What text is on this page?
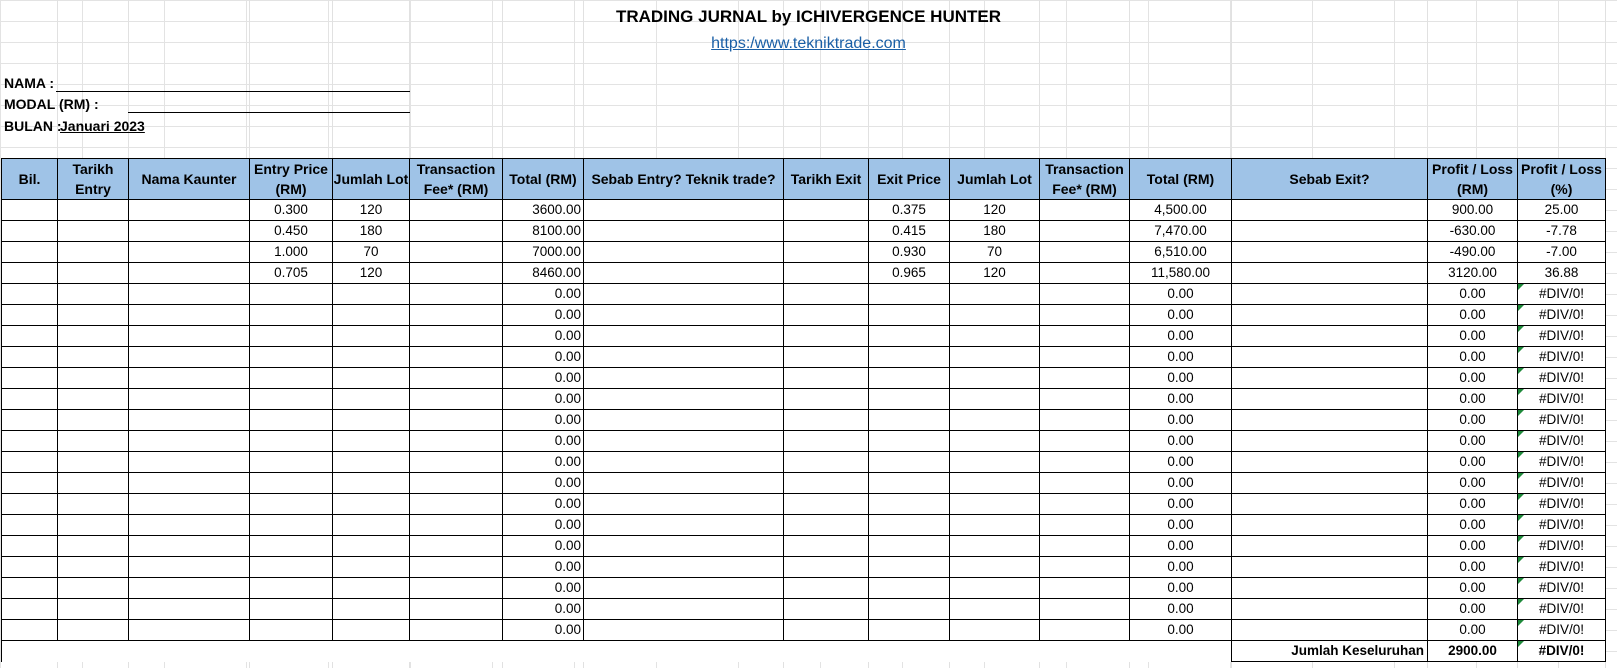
TRADING JURNAL by ICHIVERGENCE HUNTER
https:/www.tekniktrade.com
NAMA :
MODAL (RM) :
BULAN :
Januari 2023
Bil.	Tarikh Entry	Nama Kaunter	Entry Price (RM)	Jumlah Lot	Transaction Fee* (RM)	Total (RM)	Sebab Entry? Teknik trade?	Tarikh Exit	Exit Price	Jumlah Lot	Transaction Fee* (RM)	Total (RM)	Sebab Exit?	Profit / Loss (RM)	Profit / Loss (%)
			0.300	120		3600.00			0.375	120		4,500.00		900.00	25.00
			0.450	180		8100.00			0.415	180		7,470.00		-630.00	-7.78
			1.000	70		7000.00			0.930	70		6,510.00		-490.00	-7.00
			0.705	120		8460.00			0.965	120		11,580.00		3120.00	36.88
						0.00						0.00		0.00	#DIV/0!
						0.00						0.00		0.00	#DIV/0!
						0.00						0.00		0.00	#DIV/0!
						0.00						0.00		0.00	#DIV/0!
						0.00						0.00		0.00	#DIV/0!
						0.00						0.00		0.00	#DIV/0!
						0.00						0.00		0.00	#DIV/0!
						0.00						0.00		0.00	#DIV/0!
						0.00						0.00		0.00	#DIV/0!
						0.00						0.00		0.00	#DIV/0!
						0.00						0.00		0.00	#DIV/0!
						0.00						0.00		0.00	#DIV/0!
						0.00						0.00		0.00	#DIV/0!
						0.00						0.00		0.00	#DIV/0!
						0.00						0.00		0.00	#DIV/0!
						0.00						0.00		0.00	#DIV/0!
						0.00						0.00		0.00	#DIV/0!
													Jumlah Keseluruhan	2900.00	#DIV/0!
